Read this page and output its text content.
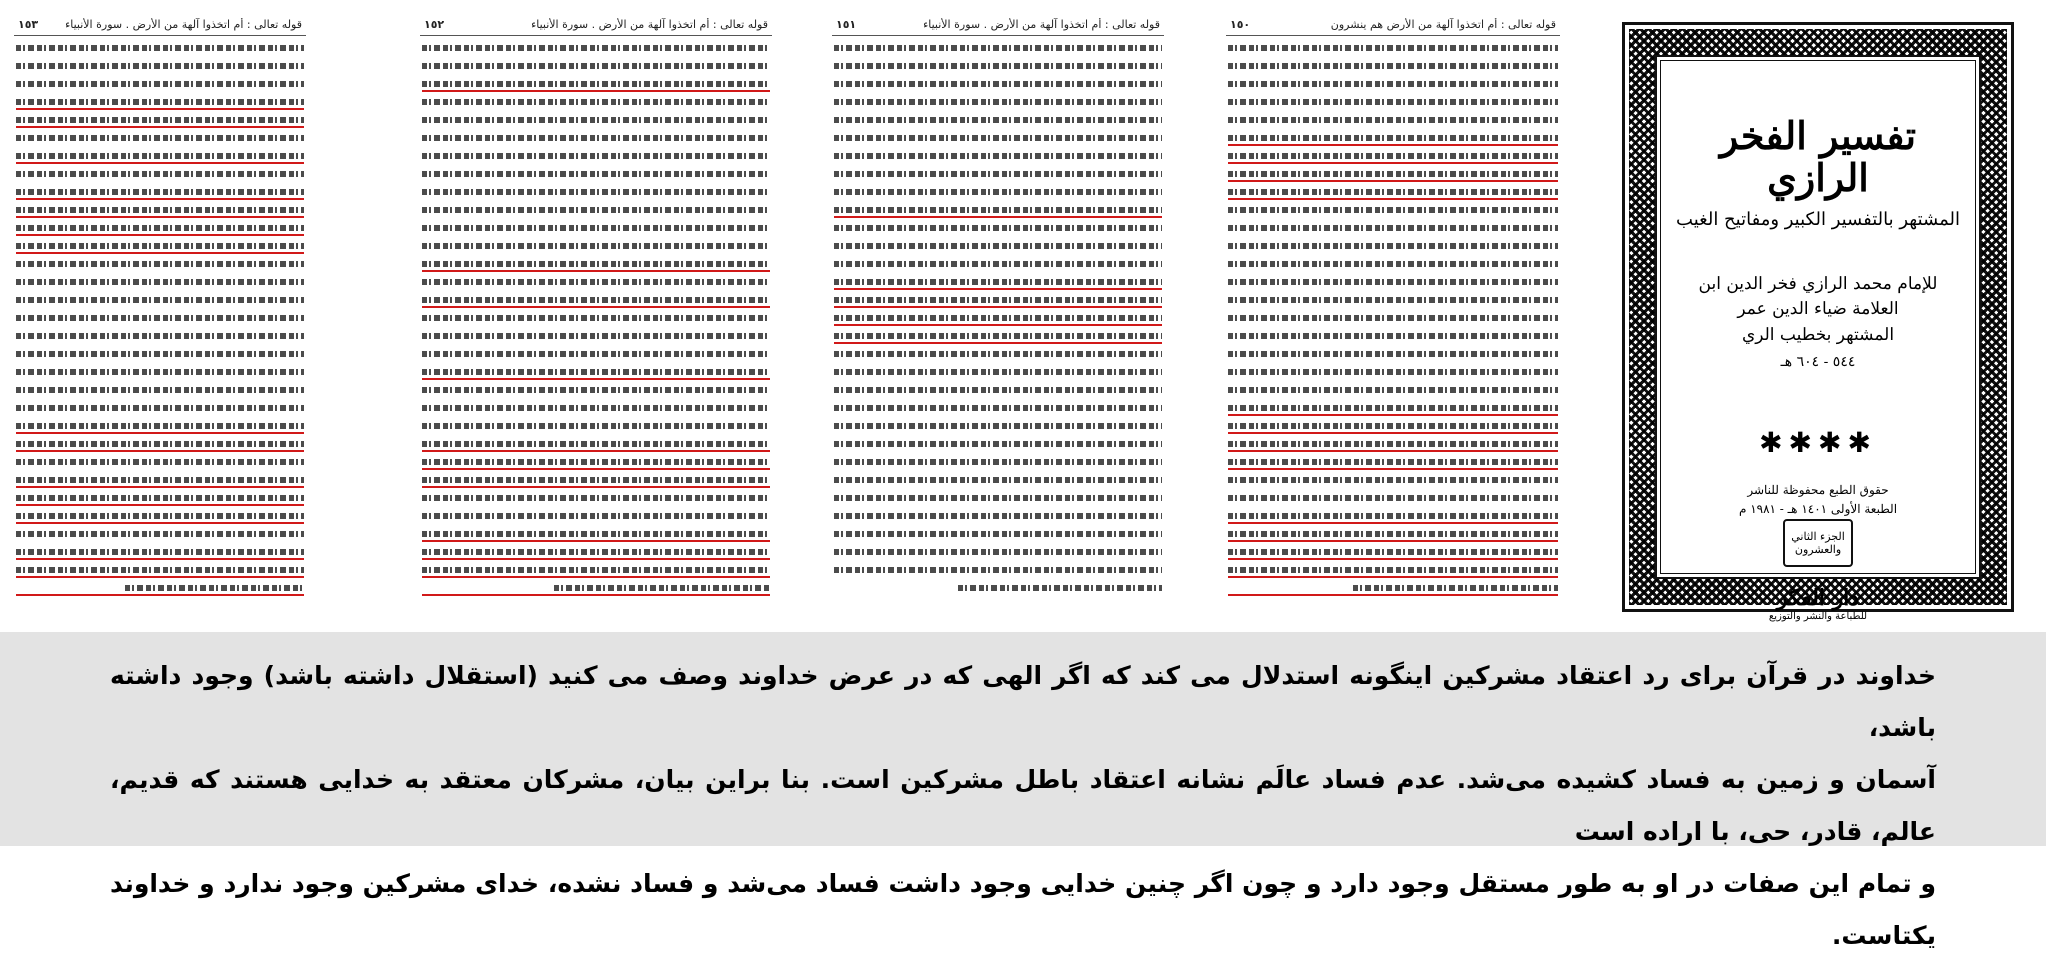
قوله تعالى : أم اتخذوا آلهة من الأرض . سورة الأنبياء
١٥٣	قوله تعالى : أم اتخذوا آلهة من الأرض . سورة الأنبياء
١٥٢	قوله تعالى : أم اتخذوا آلهة من الأرض . سورة الأنبياء
١٥١	قوله تعالى : أم اتخذوا آلهة من الأرض هم ينشرون
١٥٠
تفسير الفخر الرازي
المشتهر بالتفسير الكبير ومفاتيح الغيب
للإمام محمد الرازي فخر الدين ابن العلامة ضياء الدين عمر
المشتهر بخطيب الري
٥٤٤ - ٦٠٤ هـ
✱✱✱✱
حقوق الطبع محفوظة للناشر
الطبعة الأولى ١٤٠١ هـ - ١٩٨١ م
الجزء الثاني والعشرون
دار الفكر
للطباعة والنشر والتوزيع

خداوند در قرآن برای رد اعتقاد مشرکین اینگونه استدلال می کند که اگر الهی که در عرض خداوند وصف می کنید (استقلال داشته باشد) وجود داشته باشد،

آسمان و زمین به فساد کشیده می‌شد. عدم فساد عالَم نشانه اعتقاد باطل مشرکین است. بنا براین بیان، مشرکان معتقد به خدایی هستند که قدیم، عالم، قادر، حی، با اراده است

و تمام این صفات در او به طور مستقل وجود دارد و چون اگر چنین خدایی وجود داشت فساد می‌شد و فساد نشده، خدای مشرکین وجود ندارد و خداوند یکتاست.
